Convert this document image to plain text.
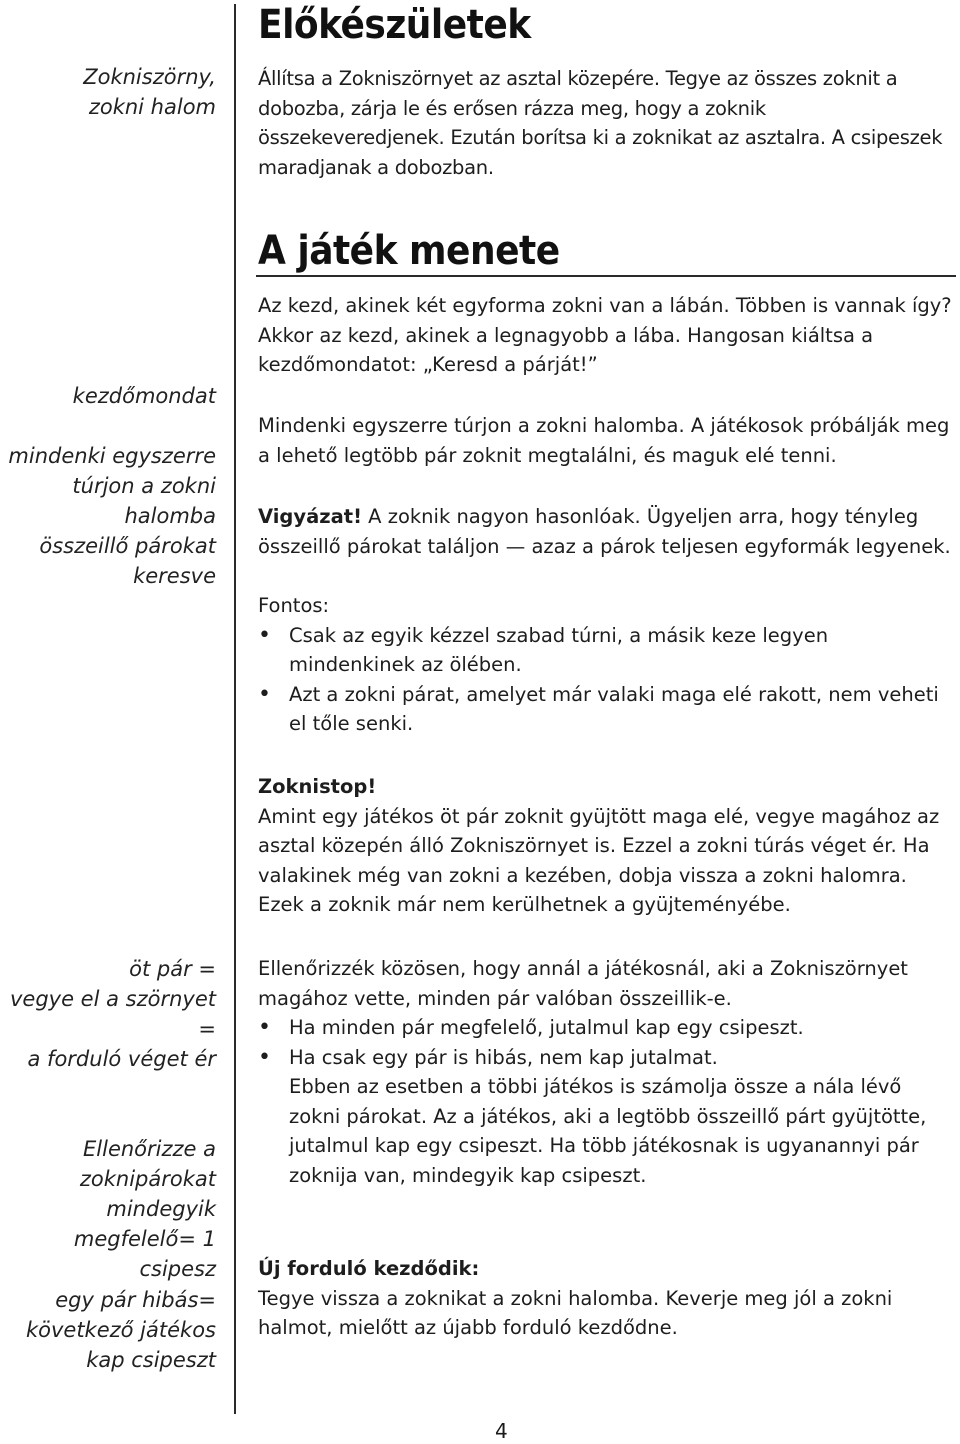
Zokniszörny,
zokni halom
kezdőmondat
mindenki egyszerre
túrjon a zokni
halomba
összeillő párokat
keresve
öt pár =
vegye el a szörnyet =
a forduló véget ér
Ellenőrizze a
zoknipárokat
mindegyik
megfelelő= 1 csipesz
egy pár hibás=
következő játékos
kap csipeszt
Előkészületek

Állítsa a Zokniszörnyet az asztal közepére. Tegye az összes zoknit a dobozba, zárja le és erősen rázza meg, hogy a zoknik összekeveredjenek. Ezután borítsa ki a zoknikat az asztalra. A csipeszek maradjanak a dobozban.

A játék menete

Az kezd, akinek két egyforma zokni van a lábán. Többen is vannak így? Akkor az kezd, akinek a legnagyobb a lába. Hangosan kiáltsa a kezdőmondatot: „Keresd a párját!”

Mindenki egyszerre túrjon a zokni halomba. A játékosok próbálják meg a lehető legtöbb pár zoknit megtalálni, és maguk elé tenni.

Vigyázat! A zoknik nagyon hasonlóak. Ügyeljen arra, hogy tényleg összeillő párokat találjon — azaz a párok teljesen egyformák legyenek.

Fontos:

• Csak az egyik kézzel szabad túrni, a másik keze legyen mindenkinek az ölében.
• Azt a zokni párat, amelyet már valaki maga elé rakott, nem veheti el tőle senki.

Zoknistop!

Amint egy játékos öt pár zoknit gyüjtött maga elé, vegye magához az asztal közepén álló Zokniszörnyet is. Ezzel a zokni túrás véget ér. Ha valakinek még van zokni a kezében, dobja vissza a zokni halomra. Ezek a zoknik már nem kerülhetnek a gyüjteményébe.

Ellenőrizzék közösen, hogy annál a játékosnál, aki a Zokniszörnyet magához vette, minden pár valóban összeillik-e.

• Ha minden pár megfelelő, jutalmul kap egy csipeszt.
• Ha csak egy pár is hibás, nem kap jutalmat.
Ebben az esetben a többi játékos is számolja össze a nála lévő zokni párokat. Az a játékos, aki a legtöbb összeillő párt gyüjtötte, jutalmul kap egy csipeszt. Ha több játékosnak is ugyanannyi pár zoknija van, mindegyik kap csipeszt.

Új forduló kezdődik:

Tegye vissza a zoknikat a zokni halomba. Keverje meg jól a zokni halmot, mielőtt az újabb forduló kezdődne.

4
